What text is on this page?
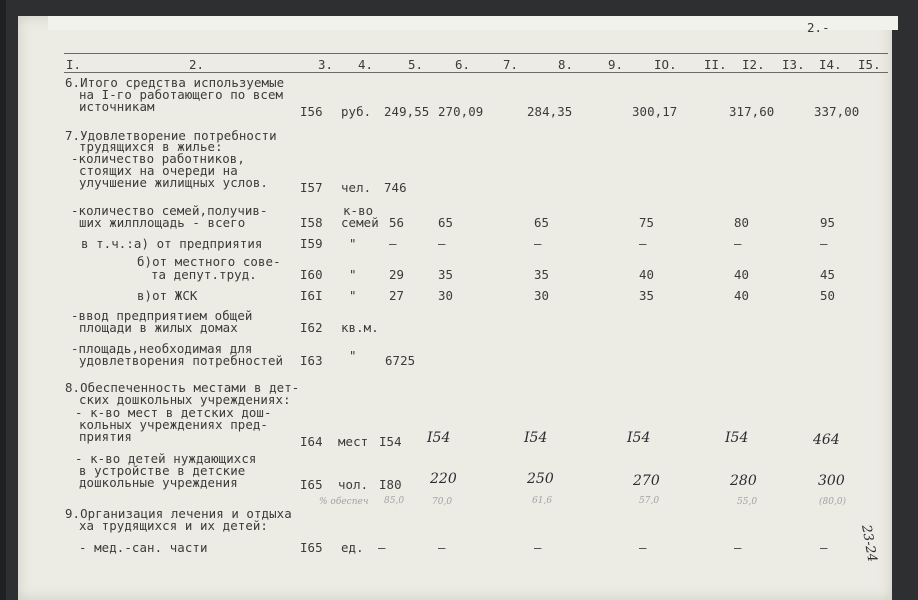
2.-
I.	2.	3. 4.	5.	6.	7.	8.	9. IO. II. I2. I3. I4. I5.
6.Итого средства используемые
на I-го работающего по всем
источникам	I56 руб. 249,55 270,09	284,35	300,17	317,60	337,00
7.Удовлетворение потребности
трудящихся в жилье:
-количество работников,
стоящих на очереди на
улучшение жилищных услов.	I57 чел. 746
-количество семей,получив-
ших жилплощадь - всего	I58
к-во
семей 56	65	65	75	80	95
в т.ч.:а) от предприятия	I59 "	–	–	–	–	–	–
б)от местного сове-
та депут.труд.	I60 "	29	35	35	40	40	45
в)от ЖСК	I6I "	27	30	30	35	40	50
-ввод предприятием общей
площади в жилых домах	I62 кв.м.
-площадь,необходимая для
удовлетворения потребностей I63 " 6725
8.Обеспеченность местами в дет-
ских дошкольных учреждениях:
- к-во мест в детских дош-
кольных учреждениях пред-
приятия	I64 мест I54 I54	I54	I54	I54	464
- к-во детей нуждающихся
в устройстве в детские
дошкольные учреждения	I65 чол. I80 220	250	270	280	300
% обеспеч 85,0	70,0	61,6	57,0	55,0	(80,0)
9.Организация лечения и отдыха
ха трудящихся и их детей:
- мед.-сан. части	I65 ед. –	–	–	–	–	– 23-24
